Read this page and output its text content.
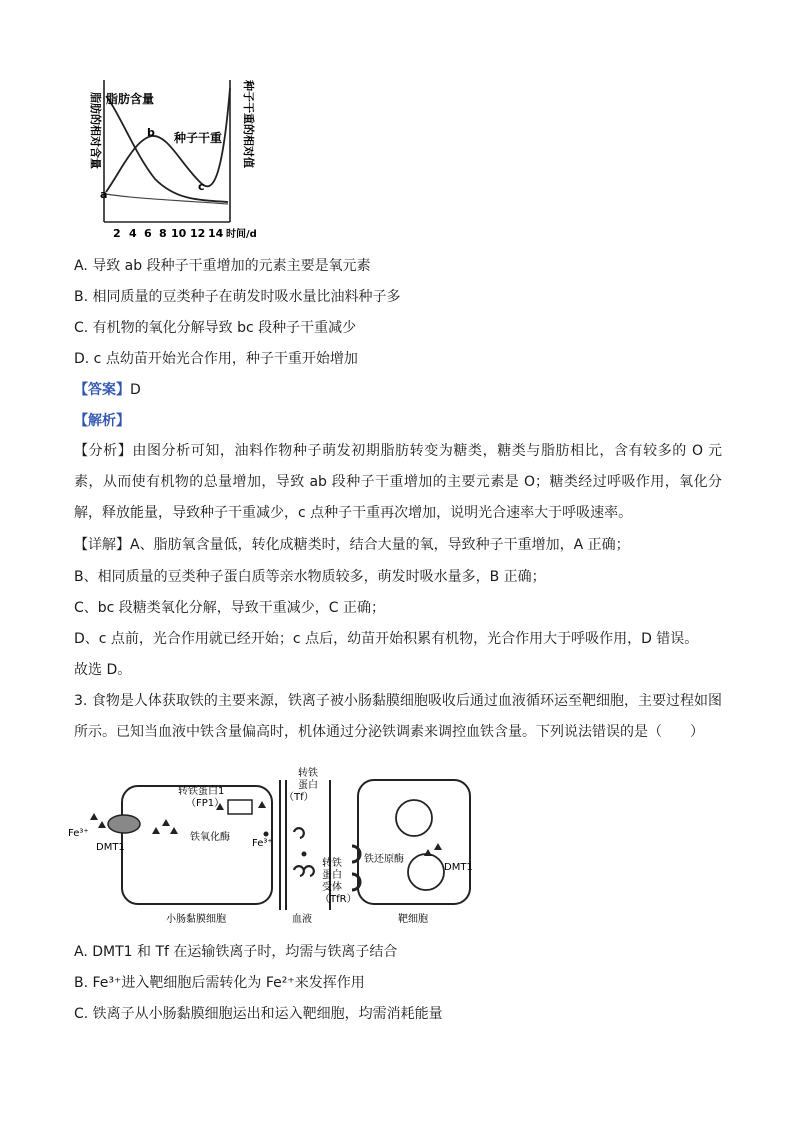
脂肪的相对含量	种子干重的相对值
脂肪含量
种子干重
a
b
c
2 4 6 8 10 12 14 时间/d
A. 导致 ab 段种子干重增加的元素主要是氧元素
B. 相同质量的豆类种子在萌发时吸水量比油料种子多
C. 有机物的氧化分解导致 bc 段种子干重减少
D. c 点幼苗开始光合作用，种子干重开始增加
【答案】D
【解析】
【分析】由图分析可知，油料作物种子萌发初期脂肪转变为糖类，糖类与脂肪相比，含有较多的 O 元素，从而使有机物的总量增加，导致 ab 段种子干重增加的主要元素是 O；糖类经过呼吸作用，氧化分解，释放能量，导致种子干重减少，c 点种子干重再次增加，说明光合速率大于呼吸速率。
【详解】A、脂肪氧含量低，转化成糖类时，结合大量的氧，导致种子干重增加，A 正确；
B、相同质量的豆类种子蛋白质等亲水物质较多，萌发时吸水量多，B 正确；
C、bc 段糖类氧化分解，导致干重减少，C 正确；
D、c 点前，光合作用就已经开始；c 点后，幼苗开始积累有机物，光合作用大于呼吸作用，D 错误。
故选 D。
3. 食物是人体获取铁的主要来源，铁离子被小肠黏膜细胞吸收后通过血液循环运至靶细胞，主要过程如图所示。已知当血液中铁含量偏高时，机体通过分泌铁调素来调控血铁含量。下列说法错误的是（　　）
Fe³⁺
DMT1
转铁蛋白1
（FP1）
铁氧化酶
Fe³⁺
转铁
蛋白
（Tf）
转铁
蛋白
受体
（TfR）
铁还原酶
DMT1
小肠黏膜细胞	血液	靶细胞
A. DMT1 和 Tf 在运输铁离子时，均需与铁离子结合
B. Fe³⁺进入靶细胞后需转化为 Fe²⁺来发挥作用
C. 铁离子从小肠黏膜细胞运出和运入靶细胞，均需消耗能量
